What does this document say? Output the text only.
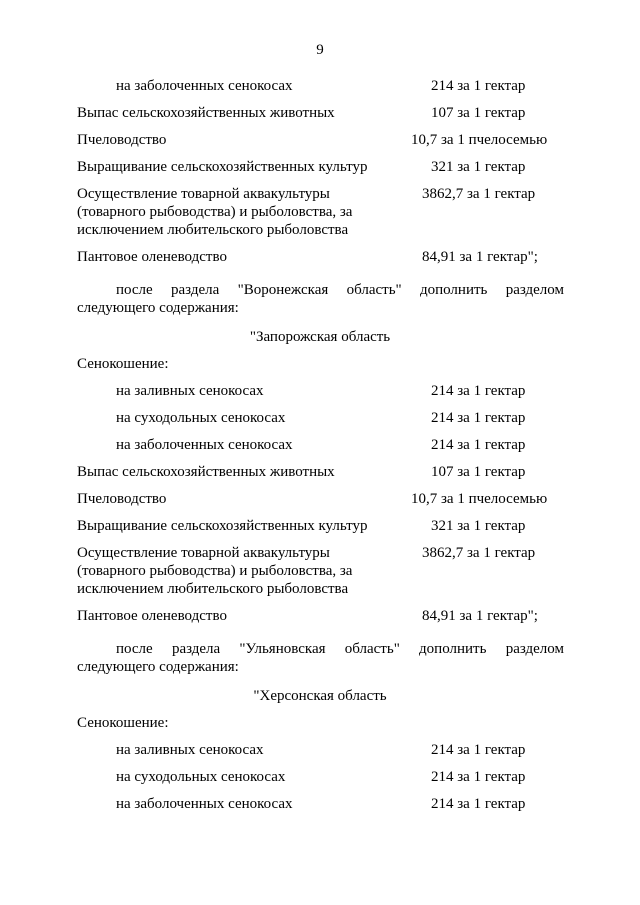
9
на заболоченных сенокосах	214 за 1 гектар
Выпас сельскохозяйственных животных	107 за 1 гектар
Пчеловодство	10,7 за 1 пчелосемью
Выращивание сельскохозяйственных культур	321 за 1 гектар
Осуществление товарной аквакультуры
(товарного рыбоводства) и рыболовства, за
исключением любительского рыболовства
3862,7 за 1 гектар
Пантовое оленеводство	84,91 за 1 гектар";
после раздела "Воронежская область" дополнить разделом
следующего содержания:
"Запорожская область
Сенокошение:
на заливных сенокосах	214 за 1 гектар
на суходольных сенокосах	214 за 1 гектар
на заболоченных сенокосах	214 за 1 гектар
Выпас сельскохозяйственных животных	107 за 1 гектар
Пчеловодство	10,7 за 1 пчелосемью
Выращивание сельскохозяйственных культур	321 за 1 гектар
Осуществление товарной аквакультуры
(товарного рыбоводства) и рыболовства, за
исключением любительского рыболовства
3862,7 за 1 гектар
Пантовое оленеводство	84,91 за 1 гектар";
после раздела "Ульяновская область" дополнить разделом
следующего содержания:
"Херсонская область
Сенокошение:
на заливных сенокосах	214 за 1 гектар
на суходольных сенокосах	214 за 1 гектар
на заболоченных сенокосах	214 за 1 гектар
